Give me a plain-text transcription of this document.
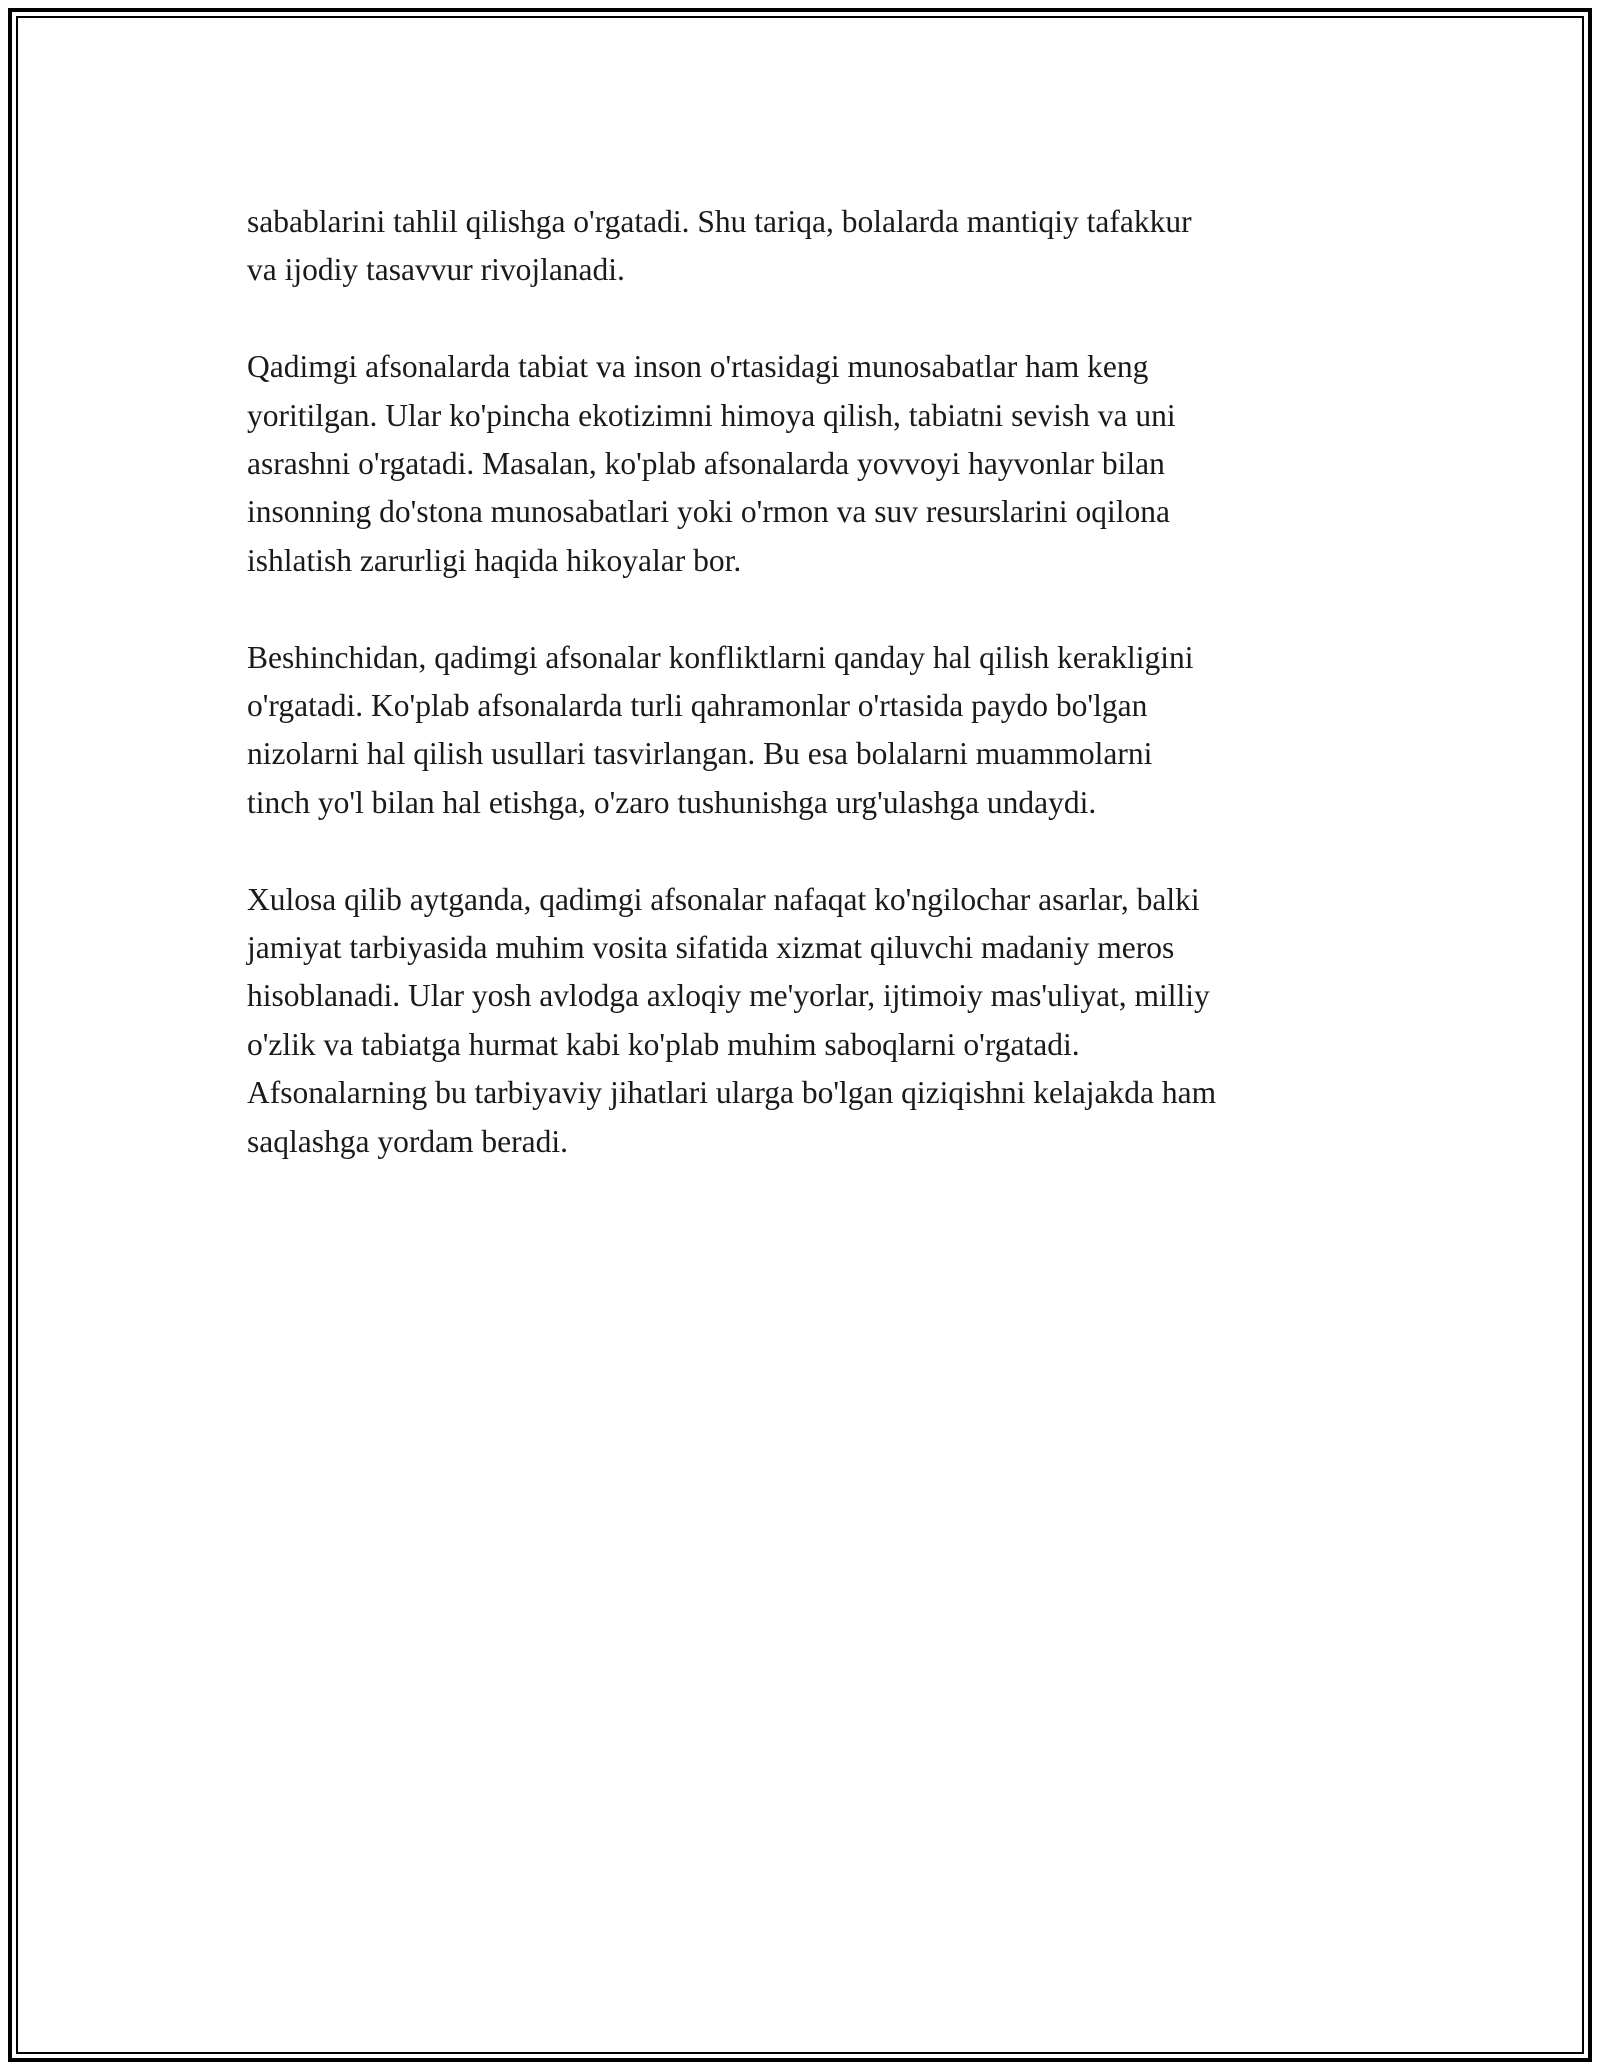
sabablarini tahlil qilishga o'rgatadi. Shu tariqa, bolalarda mantiqiy tafakkur
va ijodiy tasavvur rivojlanadi.

Qadimgi afsonalarda tabiat va inson o'rtasidagi munosabatlar ham keng
yoritilgan. Ular ko'pincha ekotizimni himoya qilish, tabiatni sevish va uni
asrashni o'rgatadi. Masalan, ko'plab afsonalarda yovvoyi hayvonlar bilan
insonning do'stona munosabatlari yoki o'rmon va suv resurslarini oqilona
ishlatish zarurligi haqida hikoyalar bor.

Beshinchidan, qadimgi afsonalar konfliktlarni qanday hal qilish kerakligini
o'rgatadi. Ko'plab afsonalarda turli qahramonlar o'rtasida paydo bo'lgan
nizolarni hal qilish usullari tasvirlangan. Bu esa bolalarni muammolarni
tinch yo'l bilan hal etishga, o'zaro tushunishga urg'ulashga undaydi.

Xulosa qilib aytganda, qadimgi afsonalar nafaqat ko'ngilochar asarlar, balki
jamiyat tarbiyasida muhim vosita sifatida xizmat qiluvchi madaniy meros
hisoblanadi. Ular yosh avlodga axloqiy me'yorlar, ijtimoiy mas'uliyat, milliy
o'zlik va tabiatga hurmat kabi ko'plab muhim saboqlarni o'rgatadi.
Afsonalarning bu tarbiyaviy jihatlari ularga bo'lgan qiziqishni kelajakda ham
saqlashga yordam beradi.
